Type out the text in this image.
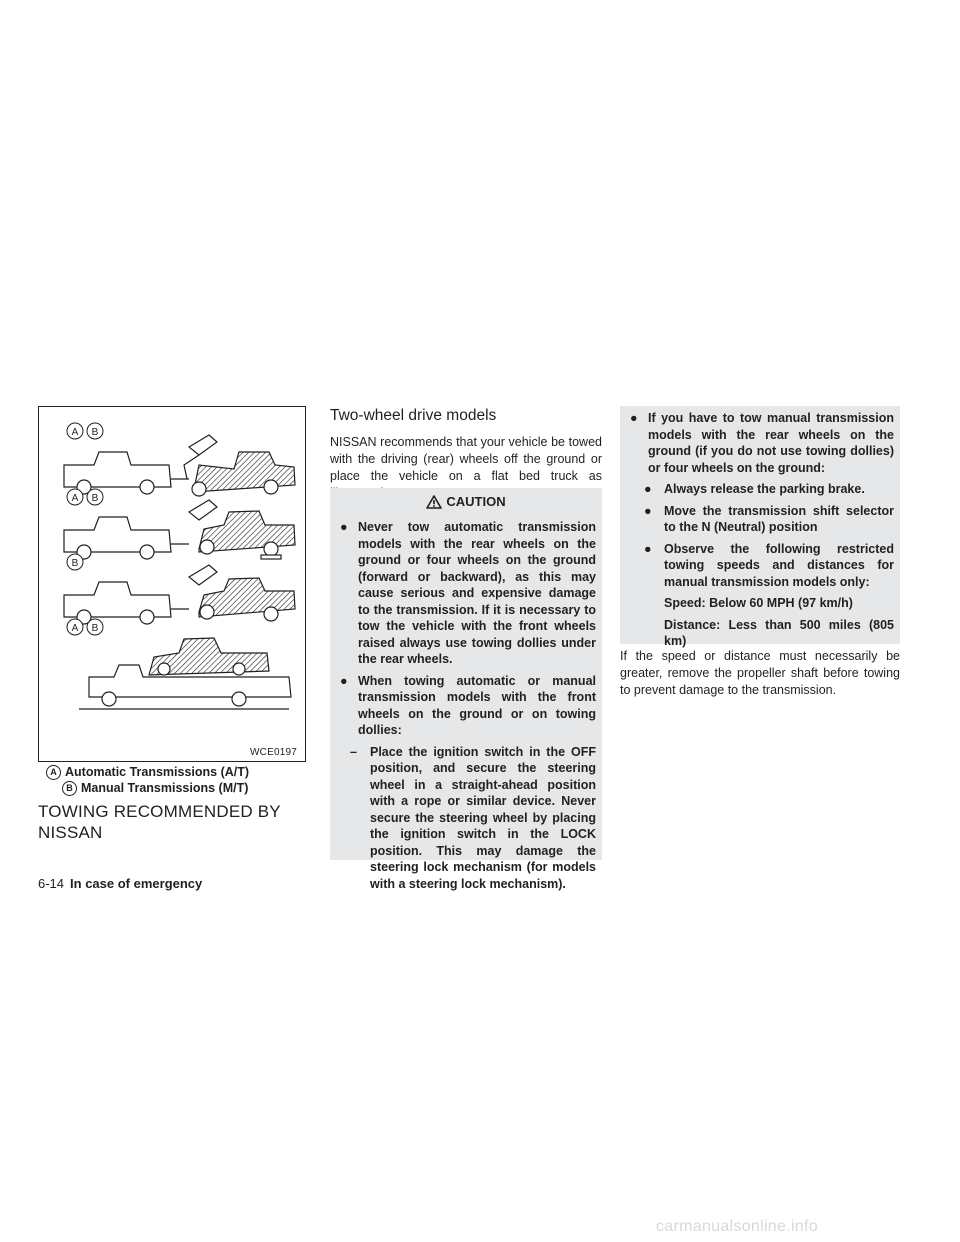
A B
A B
B
A B
WCE0197
A Automatic Transmissions (A/T)
B Manual Transmissions (M/T)
TOWING RECOMMENDED BY NISSAN
Two-wheel drive models

NISSAN recommends that your vehicle be towed with the driving (rear) wheels off the ground or place the vehicle on a flat bed truck as

CAUTION
● Never tow automatic transmission models with the rear wheels on the ground or four wheels on the ground (forward or backward), as this may cause serious and expensive damage to the transmission. If it is necessary to tow the vehicle with the front wheels raised always use towing dollies under the rear wheels.
● When towing automatic or manual transmission models with the front wheels on the ground or on towing dollies:
– Place the ignition switch in the OFF position, and secure the steering wheel in a straight-ahead position with a rope or similar device. Never secure the steering wheel by placing the ignition switch in the LOCK position. This may damage the steering lock mechanism (for models with a steering lock mechanism).
● If you have to tow manual transmission models with the rear wheels on the ground (if you do not use towing dollies) or four wheels on the ground:
● Always release the parking brake.
● Move the transmission shift selector to the N (Neutral) position
● Observe the following restricted towing speeds and distances for manual transmission models only:
Speed: Below 60 MPH (97 km/h)
Distance: Less than 500 miles (805 km)

If the speed or distance must necessarily be greater, remove the propeller shaft before towing to prevent damage to the transmission.

6-14 In case of emergency
carmanualsonline.info
